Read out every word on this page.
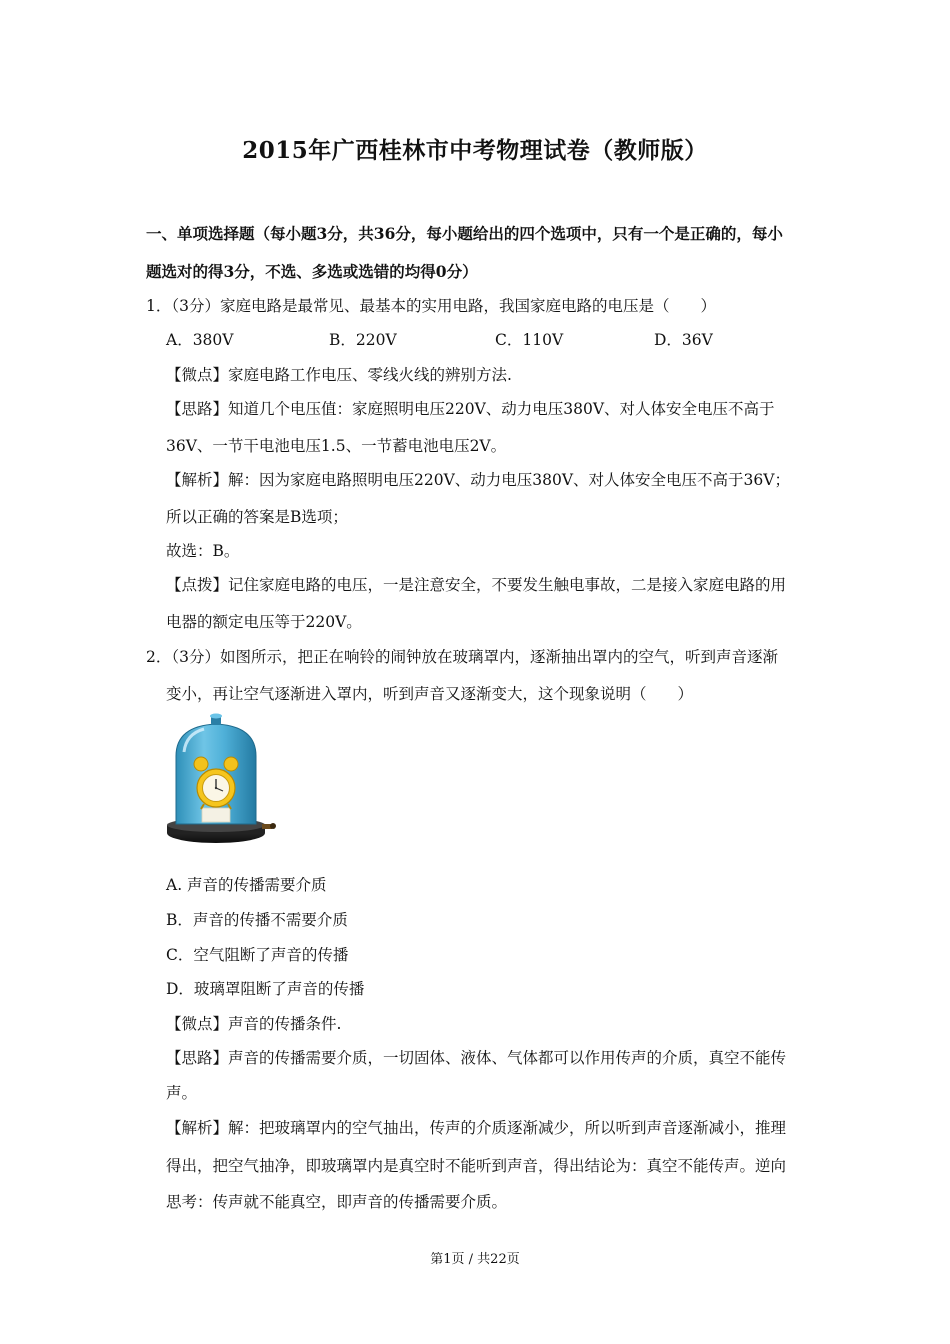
2015年广西桂林市中考物理试卷（教师版）
一、单项选择题（每小题3分，共36分，每小题给出的四个选项中，只有一个是正确的，每小
题选对的得3分，不选、多选或选错的均得0分）
1．（3分）家庭电路是最常见、最基本的实用电路，我国家庭电路的电压是（　　）
A．380V	B．220V	C．110V	D．36V
【微点】家庭电路工作电压、零线火线的辨别方法.
【思路】知道几个电压值：家庭照明电压220V、动力电压380V、对人体安全电压不高于
36V、一节干电池电压1.5、一节蓄电池电压2V。
【解析】解：因为家庭电路照明电压220V、动力电压380V、对人体安全电压不高于36V；
所以正确的答案是B选项；
故选：B。
【点拨】记住家庭电路的电压，一是注意安全，不要发生触电事故，二是接入家庭电路的用
电器的额定电压等于220V。
2．（3分）如图所示，把正在响铃的闹钟放在玻璃罩内，逐渐抽出罩内的空气，听到声音逐渐
变小，再让空气逐渐进入罩内，听到声音又逐渐变大，这个现象说明（　　）
A. 声音的传播需要介质
B．声音的传播不需要介质
C．空气阻断了声音的传播
D．玻璃罩阻断了声音的传播
【微点】声音的传播条件.
【思路】声音的传播需要介质，一切固体、液体、气体都可以作用传声的介质，真空不能传
声。
【解析】解：把玻璃罩内的空气抽出，传声的介质逐渐减少，所以听到声音逐渐减小，推理
得出，把空气抽净，即玻璃罩内是真空时不能听到声音，得出结论为：真空不能传声。逆向
思考：传声就不能真空，即声音的传播需要介质。
第1页 / 共22页
